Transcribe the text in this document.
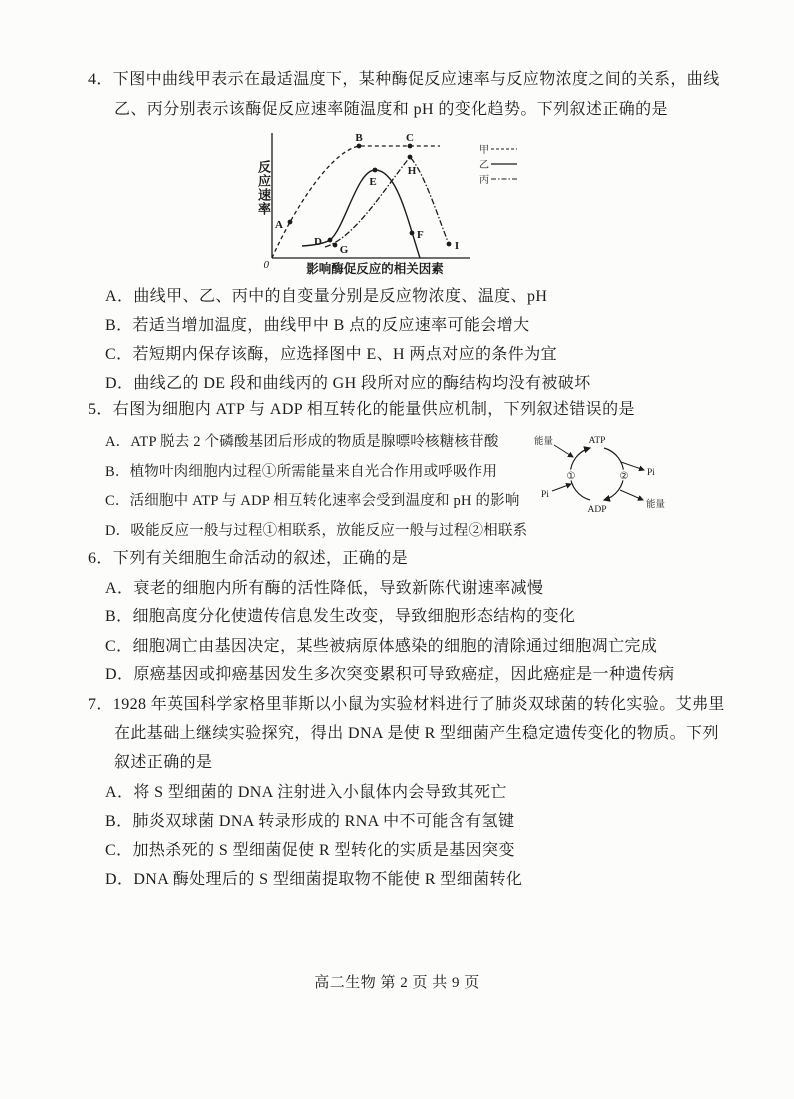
4．下图中曲线甲表示在最适温度下，某种酶促反应速率与反应物浓度之间的关系，曲线
乙、丙分别表示该酶促反应速率随温度和 pH 的变化趋势。下列叙述正确的是
反应速率
0	影响酶促反应的相关因素
A
B	C
D
E
F
G
H
I
甲
乙
丙
A．曲线甲、乙、丙中的自变量分别是反应物浓度、温度、pH
B．若适当增加温度，曲线甲中 B 点的反应速率可能会增大
C．若短期内保存该酶，应选择图中 E、H 两点对应的条件为宜
D．曲线乙的 DE 段和曲线丙的 GH 段所对应的酶结构均没有被破坏
5．右图为细胞内 ATP 与 ADP 相互转化的能量供应机制，下列叙述错误的是
A．ATP 脱去 2 个磷酸基团后形成的物质是腺嘌呤核糖核苷酸
B．植物叶肉细胞内过程①所需能量来自光合作用或呼吸作用
C．活细胞中 ATP 与 ADP 相互转化速率会受到温度和 pH 的影响
D．吸能反应一般与过程①相联系，放能反应一般与过程②相联系
ATP
ADP
①	②
能量
Pi
Pi
能量
6．下列有关细胞生命活动的叙述，正确的是
A．衰老的细胞内所有酶的活性降低，导致新陈代谢速率减慢
B．细胞高度分化使遗传信息发生改变，导致细胞形态结构的变化
C．细胞凋亡由基因决定，某些被病原体感染的细胞的清除通过细胞凋亡完成
D．原癌基因或抑癌基因发生多次突变累积可导致癌症，因此癌症是一种遗传病
7．1928 年英国科学家格里菲斯以小鼠为实验材料进行了肺炎双球菌的转化实验。艾弗里
在此基础上继续实验探究，得出 DNA 是使 R 型细菌产生稳定遗传变化的物质。下列
叙述正确的是
A．将 S 型细菌的 DNA 注射进入小鼠体内会导致其死亡
B．肺炎双球菌 DNA 转录形成的 RNA 中不可能含有氢键
C．加热杀死的 S 型细菌促使 R 型转化的实质是基因突变
D．DNA 酶处理后的 S 型细菌提取物不能使 R 型细菌转化
高二生物 第 2 页 共 9 页
